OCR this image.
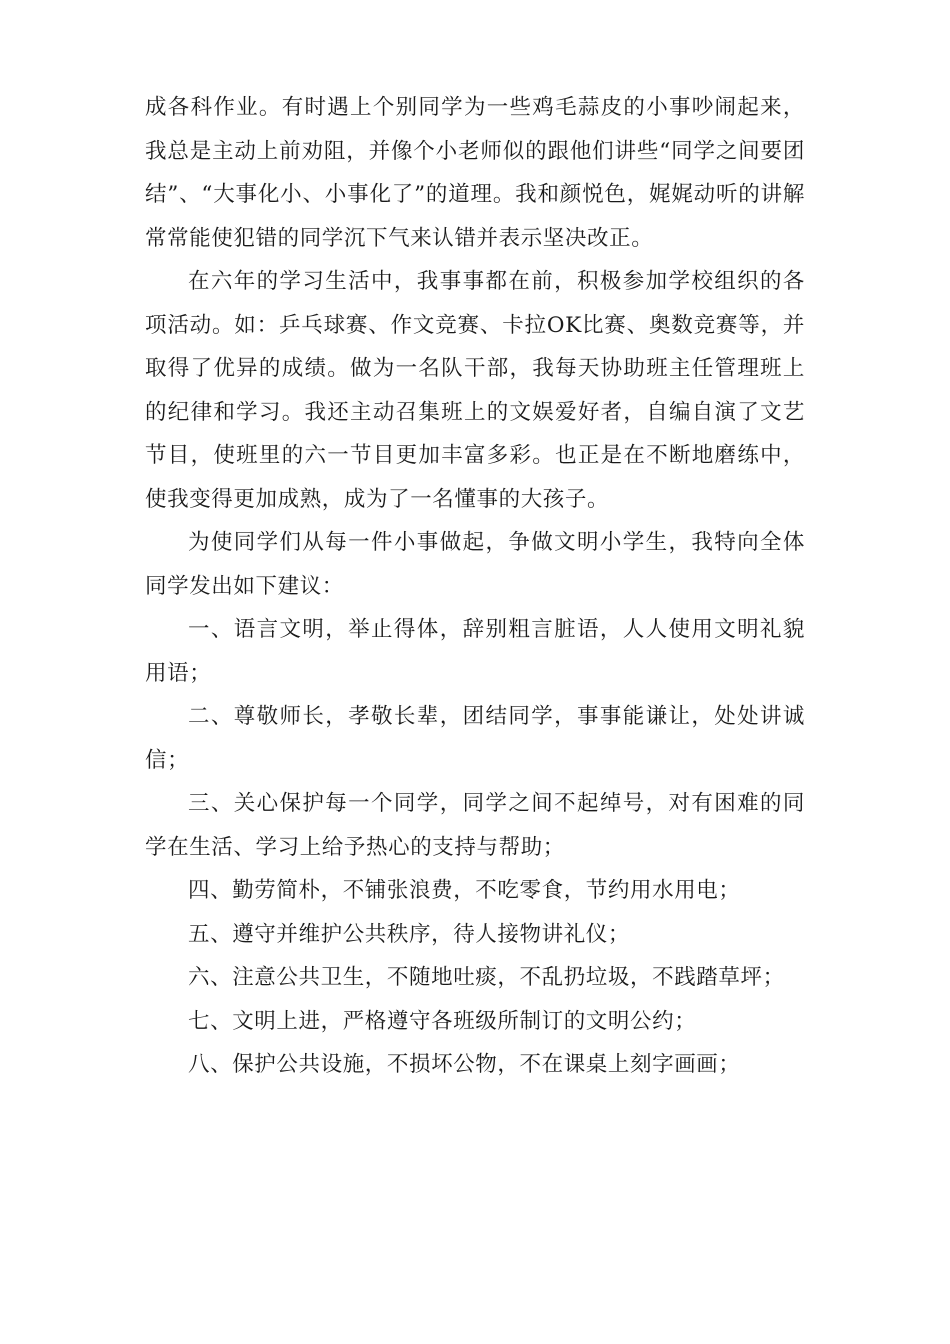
成各科作业。有时遇上个别同学为一些鸡毛蒜皮的小事吵闹起来，我总是主动上前劝阻，并像个小老师似的跟他们讲些“同学之间要团结”、“大事化小、小事化了”的道理。我和颜悦色，娓娓动听的讲解常常能使犯错的同学沉下气来认错并表示坚决改正。

在六年的学习生活中，我事事都在前，积极参加学校组织的各项活动。如：乒乓球赛、作文竞赛、卡拉OK比赛、奥数竞赛等，并取得了优异的成绩。做为一名队干部，我每天协助班主任管理班上的纪律和学习。我还主动召集班上的文娱爱好者，自编自演了文艺节目，使班里的六一节目更加丰富多彩。也正是在不断地磨练中，使我变得更加成熟，成为了一名懂事的大孩子。

为使同学们从每一件小事做起，争做文明小学生，我特向全体同学发出如下建议：

一、语言文明，举止得体，辞别粗言脏语，人人使用文明礼貌用语；

二、尊敬师长，孝敬长辈，团结同学，事事能谦让，处处讲诚信；

三、关心保护每一个同学，同学之间不起绰号，对有困难的同学在生活、学习上给予热心的支持与帮助；

四、勤劳简朴，不铺张浪费，不吃零食，节约用水用电；

五、遵守并维护公共秩序，待人接物讲礼仪；

六、注意公共卫生，不随地吐痰，不乱扔垃圾，不践踏草坪；

七、文明上进，严格遵守各班级所制订的文明公约；

八、保护公共设施，不损坏公物，不在课桌上刻字画画；
